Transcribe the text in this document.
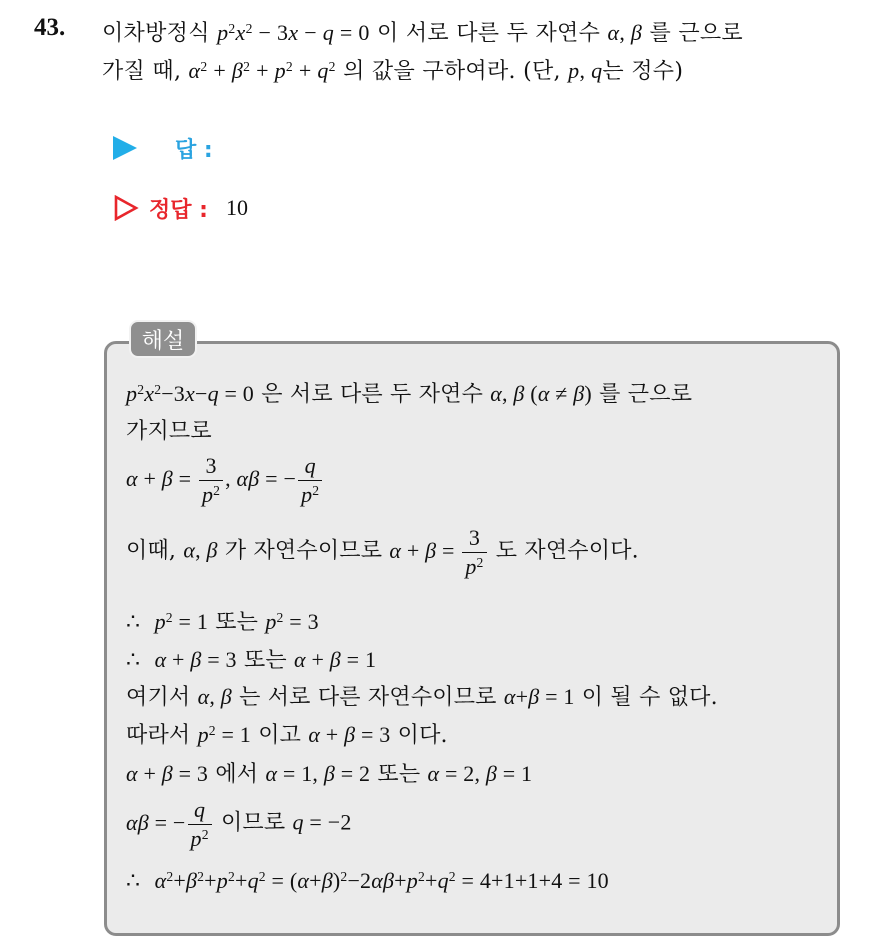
43. 이차방정식 $p^2x^2 - 3x - q = 0$ 이 서로 다른 두 자연수 α, β 를 근으로
가질 때, $\alpha^2 + \beta^2 + p^2 + q^2$ 의 값을 구하여라. (단, p, q는 정수)
답 :
정답 : 10
해설
$p^2x^2-3x-q = 0$ 은 서로 다른 두 자연수 α, β (α ≠ β) 를 근으로
가지므로
$\alpha + \beta = \frac{3}{p^2}$ , αβ = − $\frac{q}{p^2}$
이때, α, β 가 자연수이므로 $\alpha + \beta = \frac{3}{p^2}$ 도 자연수이다.
∴ $p^2 = 1$ 또는 $p^2 = 3$
∴ α + β = 3 또는 α + β = 1
여기서 α, β 는 서로 다른 자연수이므로 α+β = 1 이 될 수 없다.
따라서 $p^2 = 1$ 이고 α + β = 3 이다.
α + β = 3 에서 α = 1, β = 2 또는 α = 2, β = 1
αβ = − $\frac{q}{p^2}$ 이므로 q = −2
∴ $\alpha^2+\beta^2+p^2+q^2 = (\alpha+\beta)^2-2\alpha\beta+p^2+q^2 = 4+1+1+4 = 10$
